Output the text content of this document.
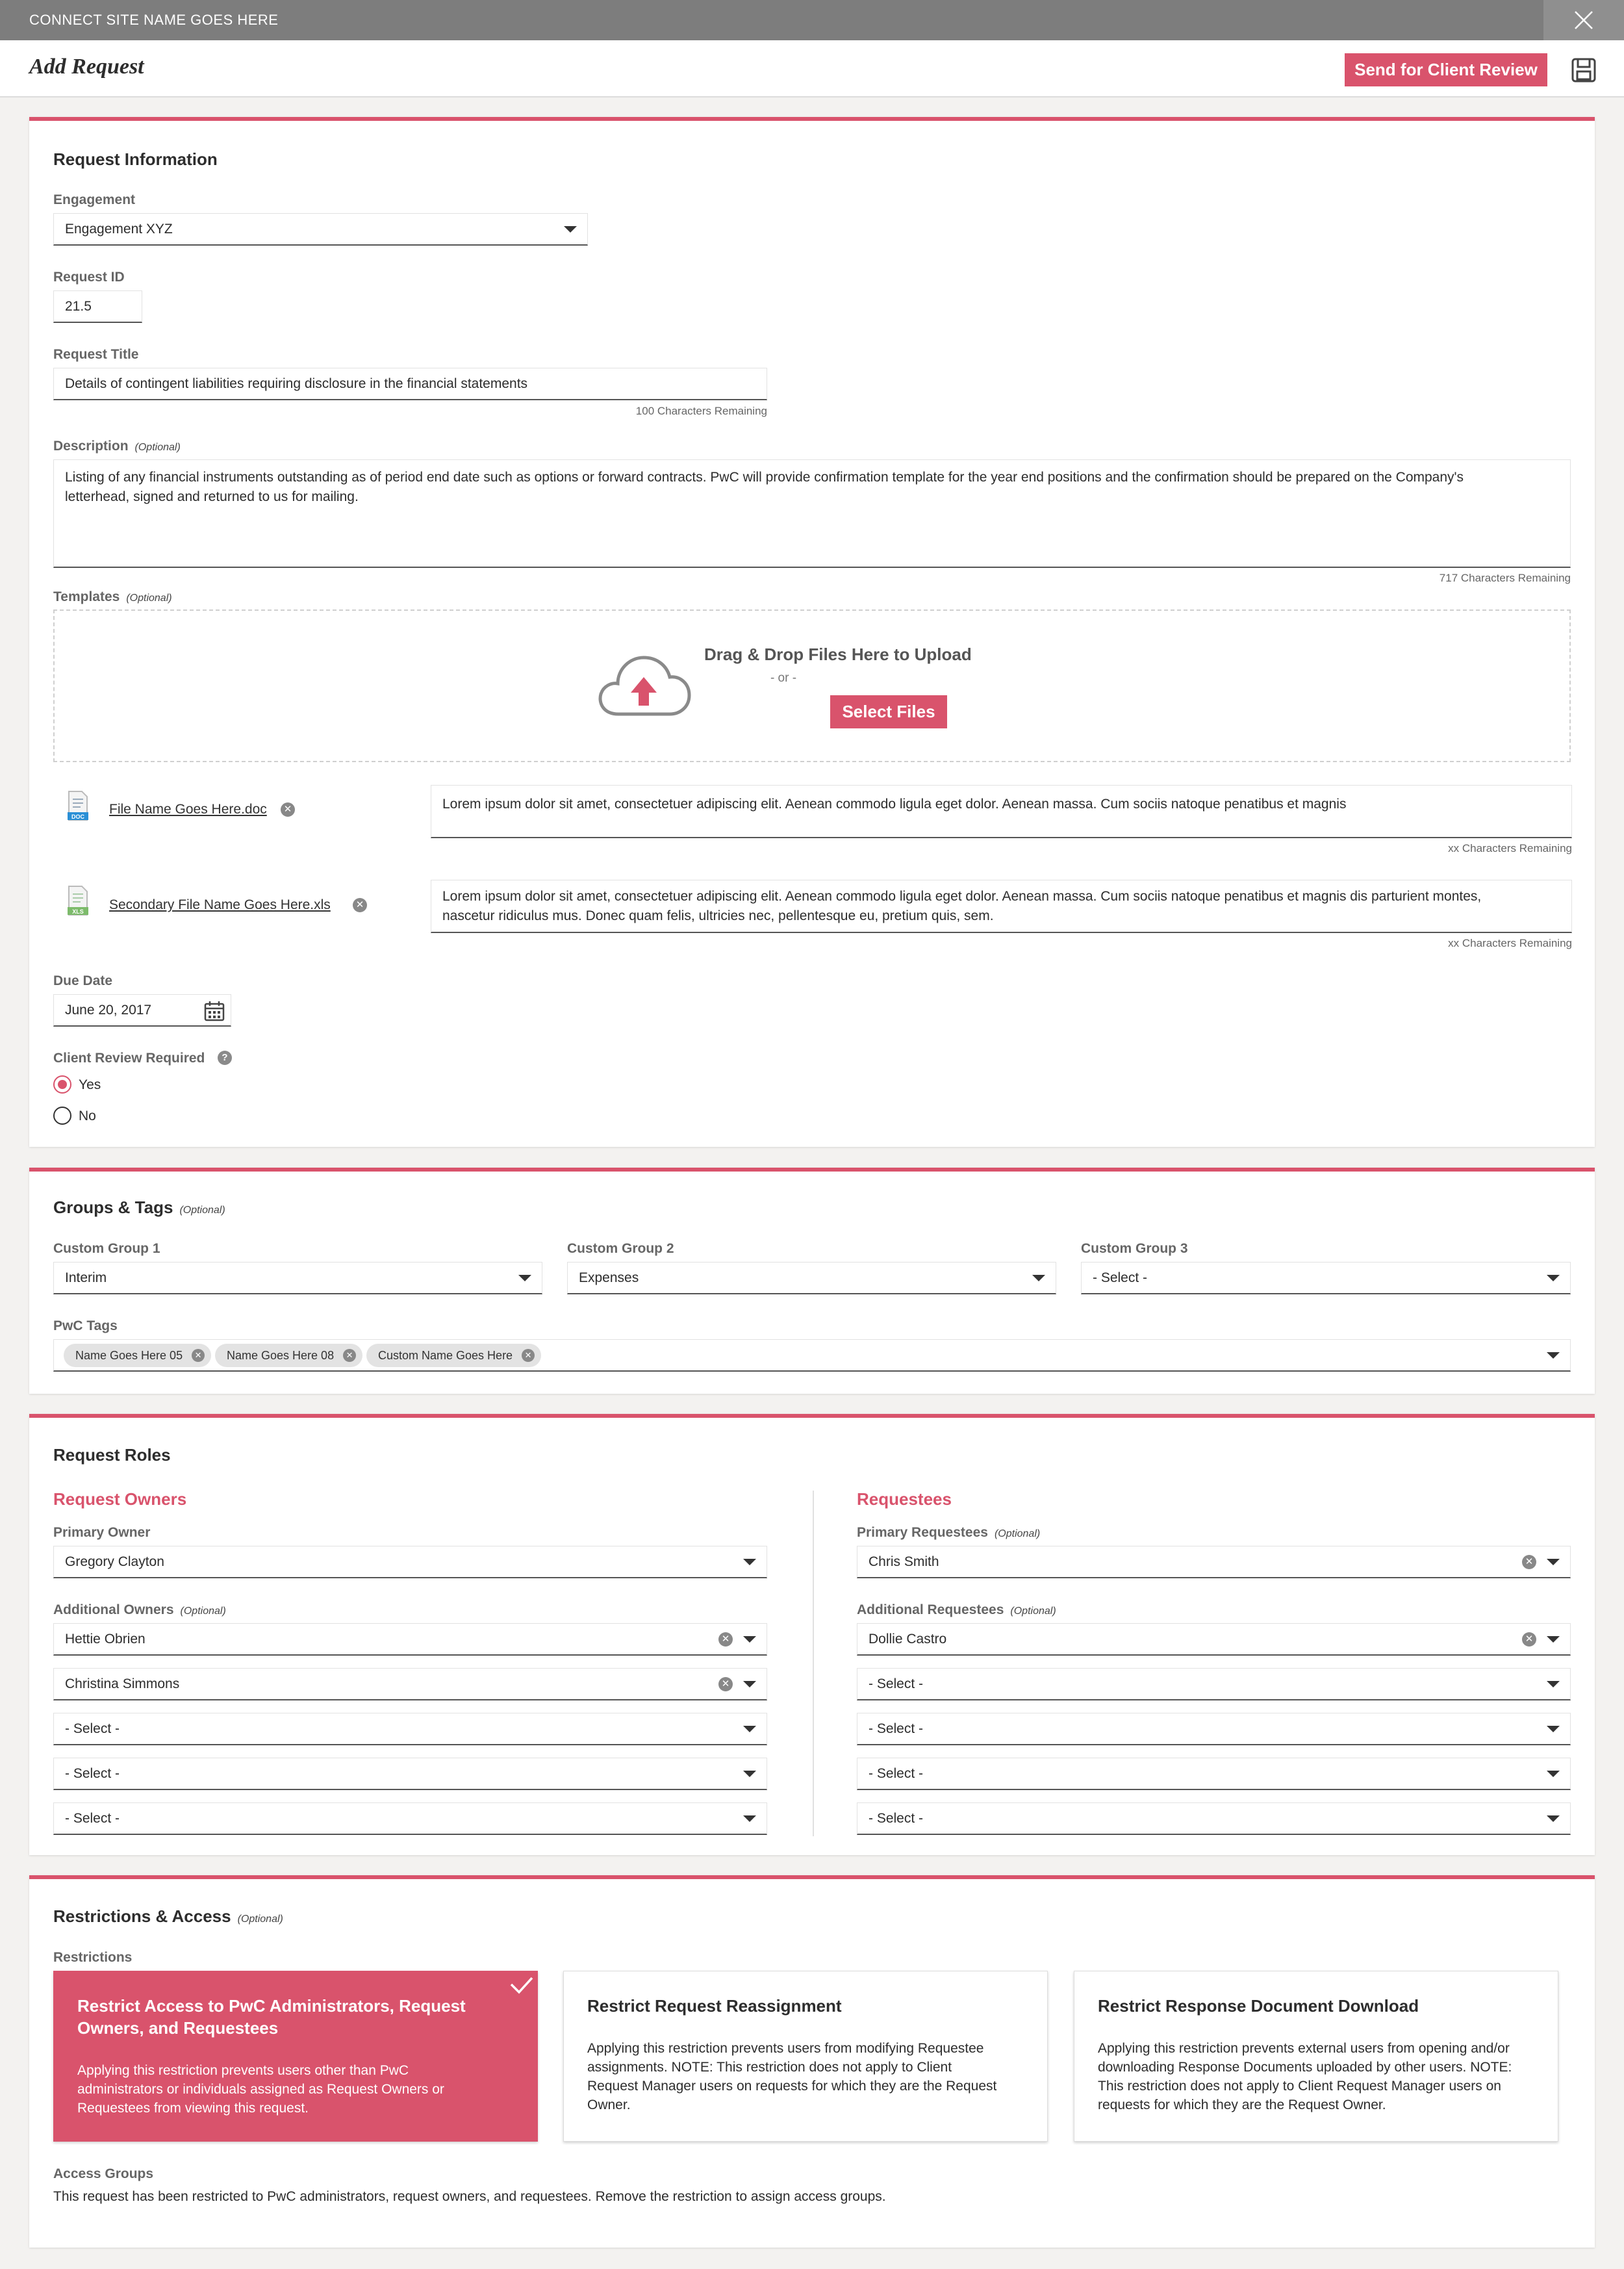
CONNECT SITE NAME GOES HERE
Add Request	Send for Client Review
Request Information
Engagement
Engagement XYZ
Request ID
21.5
Request Title
Details of contingent liabilities requiring disclosure in the financial statements
100 Characters Remaining
Description (Optional)
Listing of any financial instruments outstanding as of period end date such as options or forward contracts. PwC will provide confirmation template for the year end positions and the confirmation should be prepared on the Company's
letterhead, signed and returned to us for mailing.
717 Characters Remaining
Templates (Optional)
Drag & Drop Files Here to Upload
- or -
Select Files
DOC File Name Goes Here.doc	✕	Lorem ipsum dolor sit amet, consectetuer adipiscing elit. Aenean commodo ligula eget dolor. Aenean massa. Cum sociis natoque penatibus et magnis
xx Characters Remaining
XLS Secondary File Name Goes Here.xls	✕
Lorem ipsum dolor sit amet, consectetuer adipiscing elit. Aenean commodo ligula eget dolor. Aenean massa. Cum sociis natoque penatibus et magnis dis parturient montes,
nascetur ridiculus mus. Donec quam felis, ultricies nec, pellentesque eu, pretium quis, sem.
xx Characters Remaining
Due Date
June 20, 2017
Client Review Required	?
Yes
No
Groups & Tags (Optional)
Custom Group 1
Interim
Custom Group 2
Expenses
Custom Group 3
- Select -
PwC Tags
Name Goes Here 05	✕	Name Goes Here 08	✕	Custom Name Goes Here	✕
Request Roles
Request Owners
Primary Owner
Gregory Clayton
Additional Owners (Optional)
Hettie Obrien	✕
Christina Simmons	✕
- Select -
- Select -
- Select -
Requestees
Primary Requestees (Optional)
Chris Smith	✕
Additional Requestees (Optional)
Dollie Castro	✕
- Select -
- Select -
- Select -
- Select -
Restrictions & Access (Optional)
Restrictions
Restrict Access to PwC Administrators, Request
Owners, and Requestees
Applying this restriction prevents users other than PwC
administrators or individuals assigned as Request Owners or
Requestees from viewing this request.
Restrict Request Reassignment
Applying this restriction prevents users from modifying Requestee
assignments. NOTE: This restriction does not apply to Client
Request Manager users on requests for which they are the Request
Owner.
Restrict Response Document Download
Applying this restriction prevents external users from opening and/or
downloading Response Documents uploaded by other users. NOTE:
This restriction does not apply to Client Request Manager users on
requests for which they are the Request Owner.
Access Groups
This request has been restricted to PwC administrators, request owners, and requestees. Remove the restriction to assign access groups.
